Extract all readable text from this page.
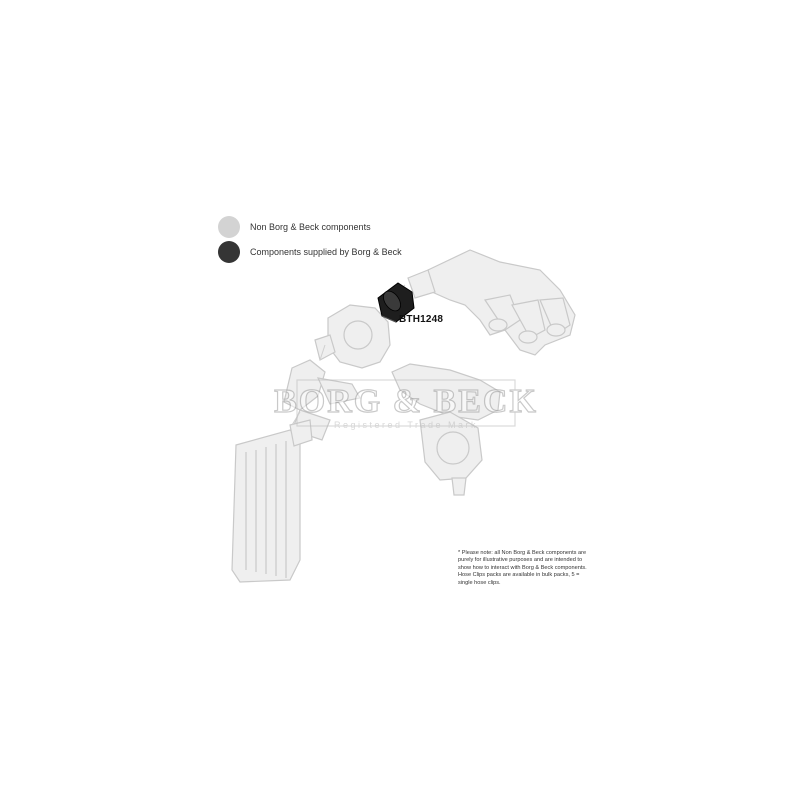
Non Borg & Beck components
Components supplied by Borg & Beck
BORG & BECK
Registered Trade Mark
BTH1248
* Please note: all Non Borg & Beck components are purely for illustrative purposes and are intended to show how to interact with Borg & Beck components. Hose Clips packs are available in bulk packs, 5 = single hose clips.
